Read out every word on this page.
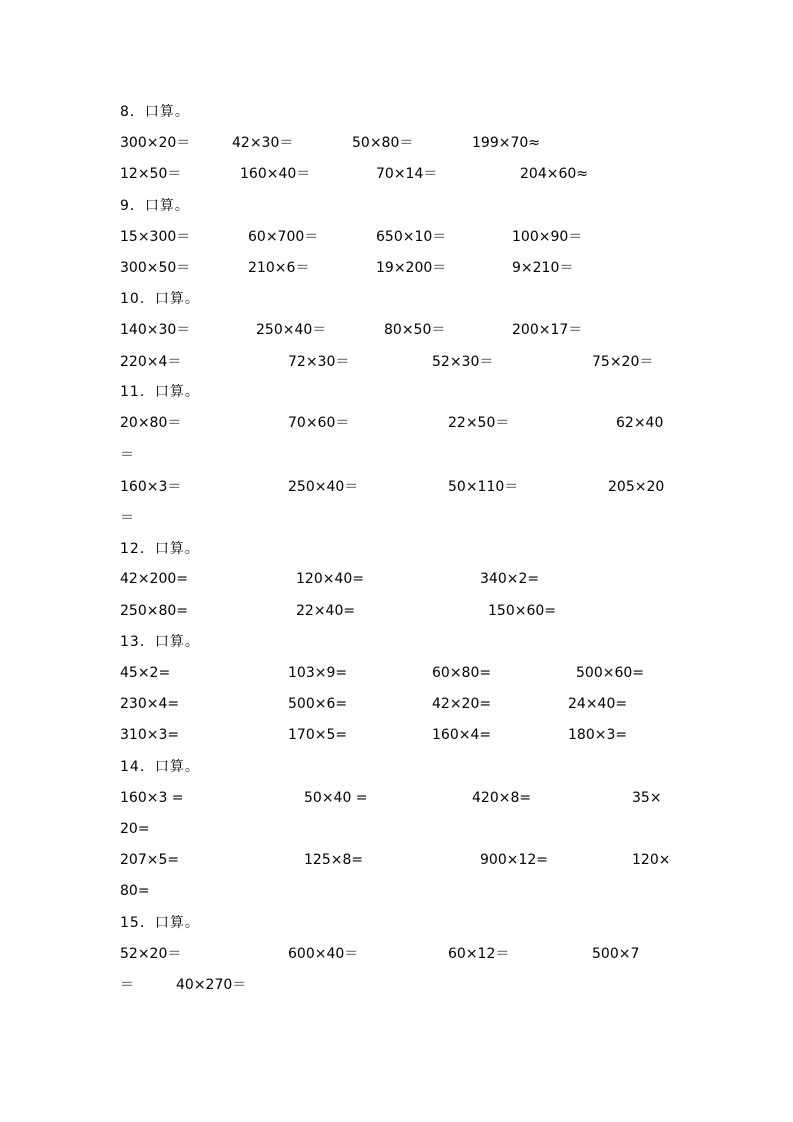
8．口算。
300×20＝	42×30＝	50×80＝	199×70≈
12×50＝	160×40＝	70×14＝	204×60≈
9．口算。
15×300＝	60×700＝	650×10＝	100×90＝
300×50＝	210×6＝	19×200＝	9×210＝
10．口算。
140×30＝	250×40＝	80×50＝	200×17＝
220×4＝	72×30＝	52×30＝	75×20＝
11．口算。
20×80＝	70×60＝	22×50＝	62×40
＝
160×3＝	250×40＝	50×110＝	205×20
＝
12．口算。
42×200=	120×40=	340×2=
250×80=	22×40=	150×60=
13．口算。
45×2=	103×9=	60×80=	500×60=
230×4=	500×6=	42×20=	24×40=
310×3=	170×5=	160×4=	180×3=
14．口算。
160×3 =	50×40 =	420×8=	35×
20=
207×5=	125×8=	900×12=	120×
80=
15．口算。
52×20＝	600×40＝	60×12＝	500×7
＝	40×270＝
